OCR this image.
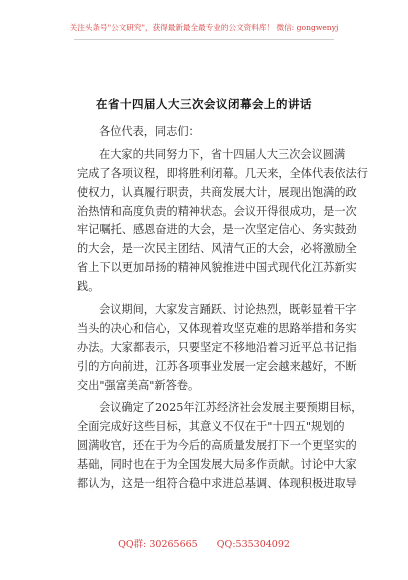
关注头条号"公文研究"，获得最新最全最专业的公文资料库！ 微信: gongwenyj
在省十四届人大三次会议闭幕会上的讲话
各位代表，同志们：
在大家的共同努力下，省十四届人大三次会议圆满
完成了各项议程，即将胜利闭幕。几天来，全体代表依法行
使权力，认真履行职责，共商发展大计，展现出饱满的政
治热情和高度负责的精神状态。会议开得很成功，是一次
牢记嘱托、感恩奋进的大会，是一次坚定信心、务实鼓劲
的大会，是一次民主团结、风清气正的大会，必将激励全
省上下以更加昂扬的精神风貌推进中国式现代化江苏新实
践。
会议期间，大家发言踊跃、讨论热烈，既彰显着干字
当头的决心和信心，又体现着攻坚克难的思路举措和务实
办法。大家都表示，只要坚定不移地沿着习近平总书记指
引的方向前进，江苏各项事业发展一定会越来越好，不断
交出"强富美高"新答卷。
会议确定了2025年江苏经济社会发展主要预期目标，
全面完成好这些目标，其意义不仅在于"十四五"规划的
圆满收官，还在于为今后的高质量发展打下一个更坚实的
基础，同时也在于为全国发展大局多作贡献。讨论中大家
都认为，这是一组符合稳中求进总基调、体现积极进取导
QQ群: 30265665 QQ:535304092
